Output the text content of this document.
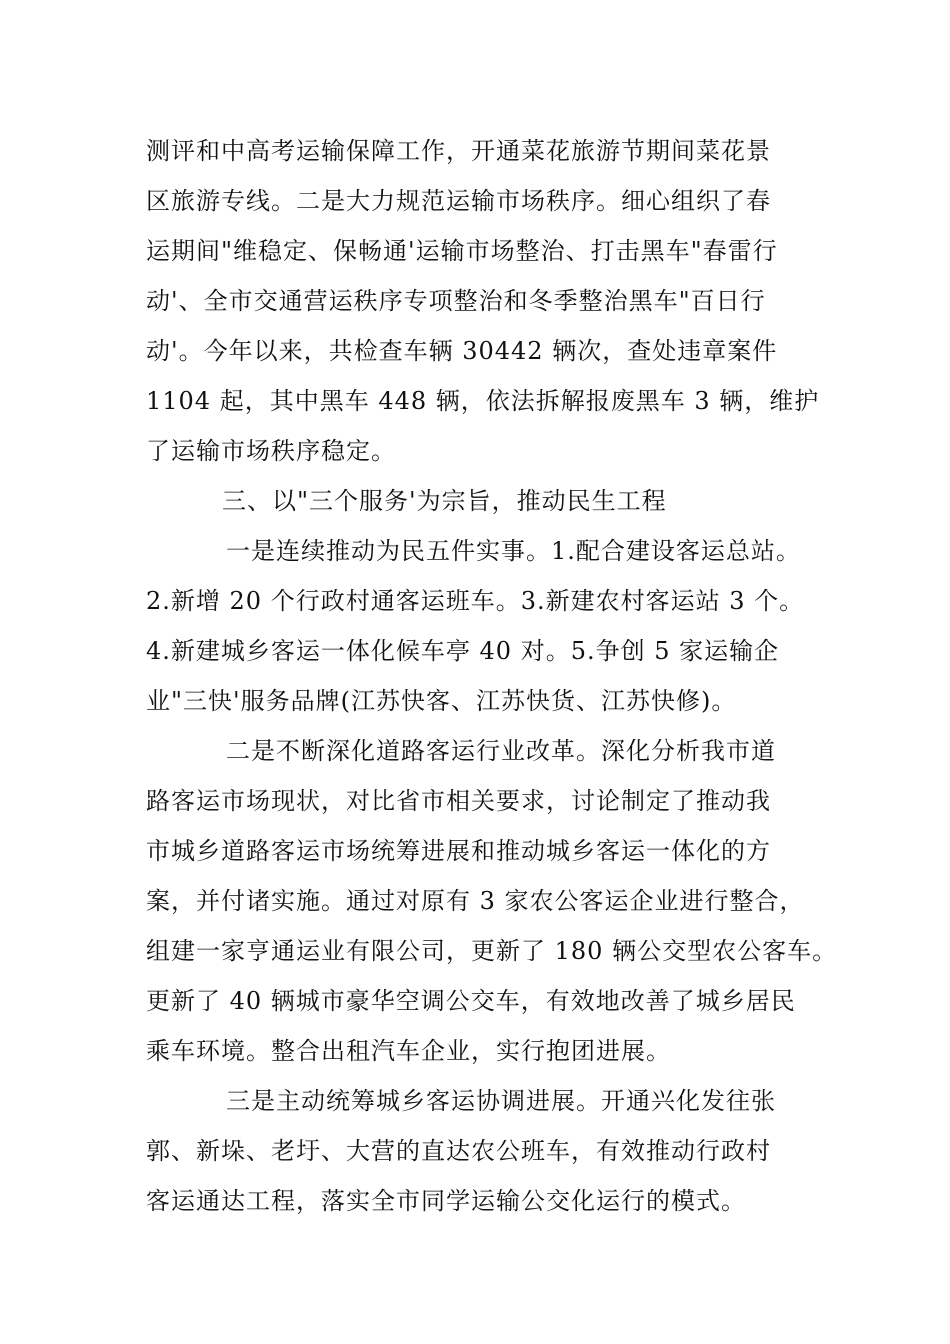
测评和中高考运输保障工作，开通菜花旅游节期间菜花景
区旅游专线。二是大力规范运输市场秩序。细心组织了春
运期间"维稳定、保畅通'运输市场整治、打击黑车"春雷行
动'、全市交通营运秩序专项整治和冬季整治黑车"百日行
动'。今年以来，共检查车辆 30442 辆次，查处违章案件
1104 起，其中黑车 448 辆，依法拆解报废黑车 3 辆，维护
了运输市场秩序稳定。
三、以"三个服务'为宗旨，推动民生工程
一是连续推动为民五件实事。1.配合建设客运总站。
2.新增 20 个行政村通客运班车。3.新建农村客运站 3 个。
4.新建城乡客运一体化候车亭 40 对。5.争创 5 家运输企
业"三快'服务品牌(江苏快客、江苏快货、江苏快修)。
二是不断深化道路客运行业改革。深化分析我市道
路客运市场现状，对比省市相关要求，讨论制定了推动我
市城乡道路客运市场统筹进展和推动城乡客运一体化的方
案，并付诸实施。通过对原有 3 家农公客运企业进行整合，
组建一家亨通运业有限公司，更新了 180 辆公交型农公客车。
更新了 40 辆城市豪华空调公交车，有效地改善了城乡居民
乘车环境。整合出租汽车企业，实行抱团进展。
三是主动统筹城乡客运协调进展。开通兴化发往张
郭、新垛、老圩、大营的直达农公班车，有效推动行政村
客运通达工程，落实全市同学运输公交化运行的模式。
